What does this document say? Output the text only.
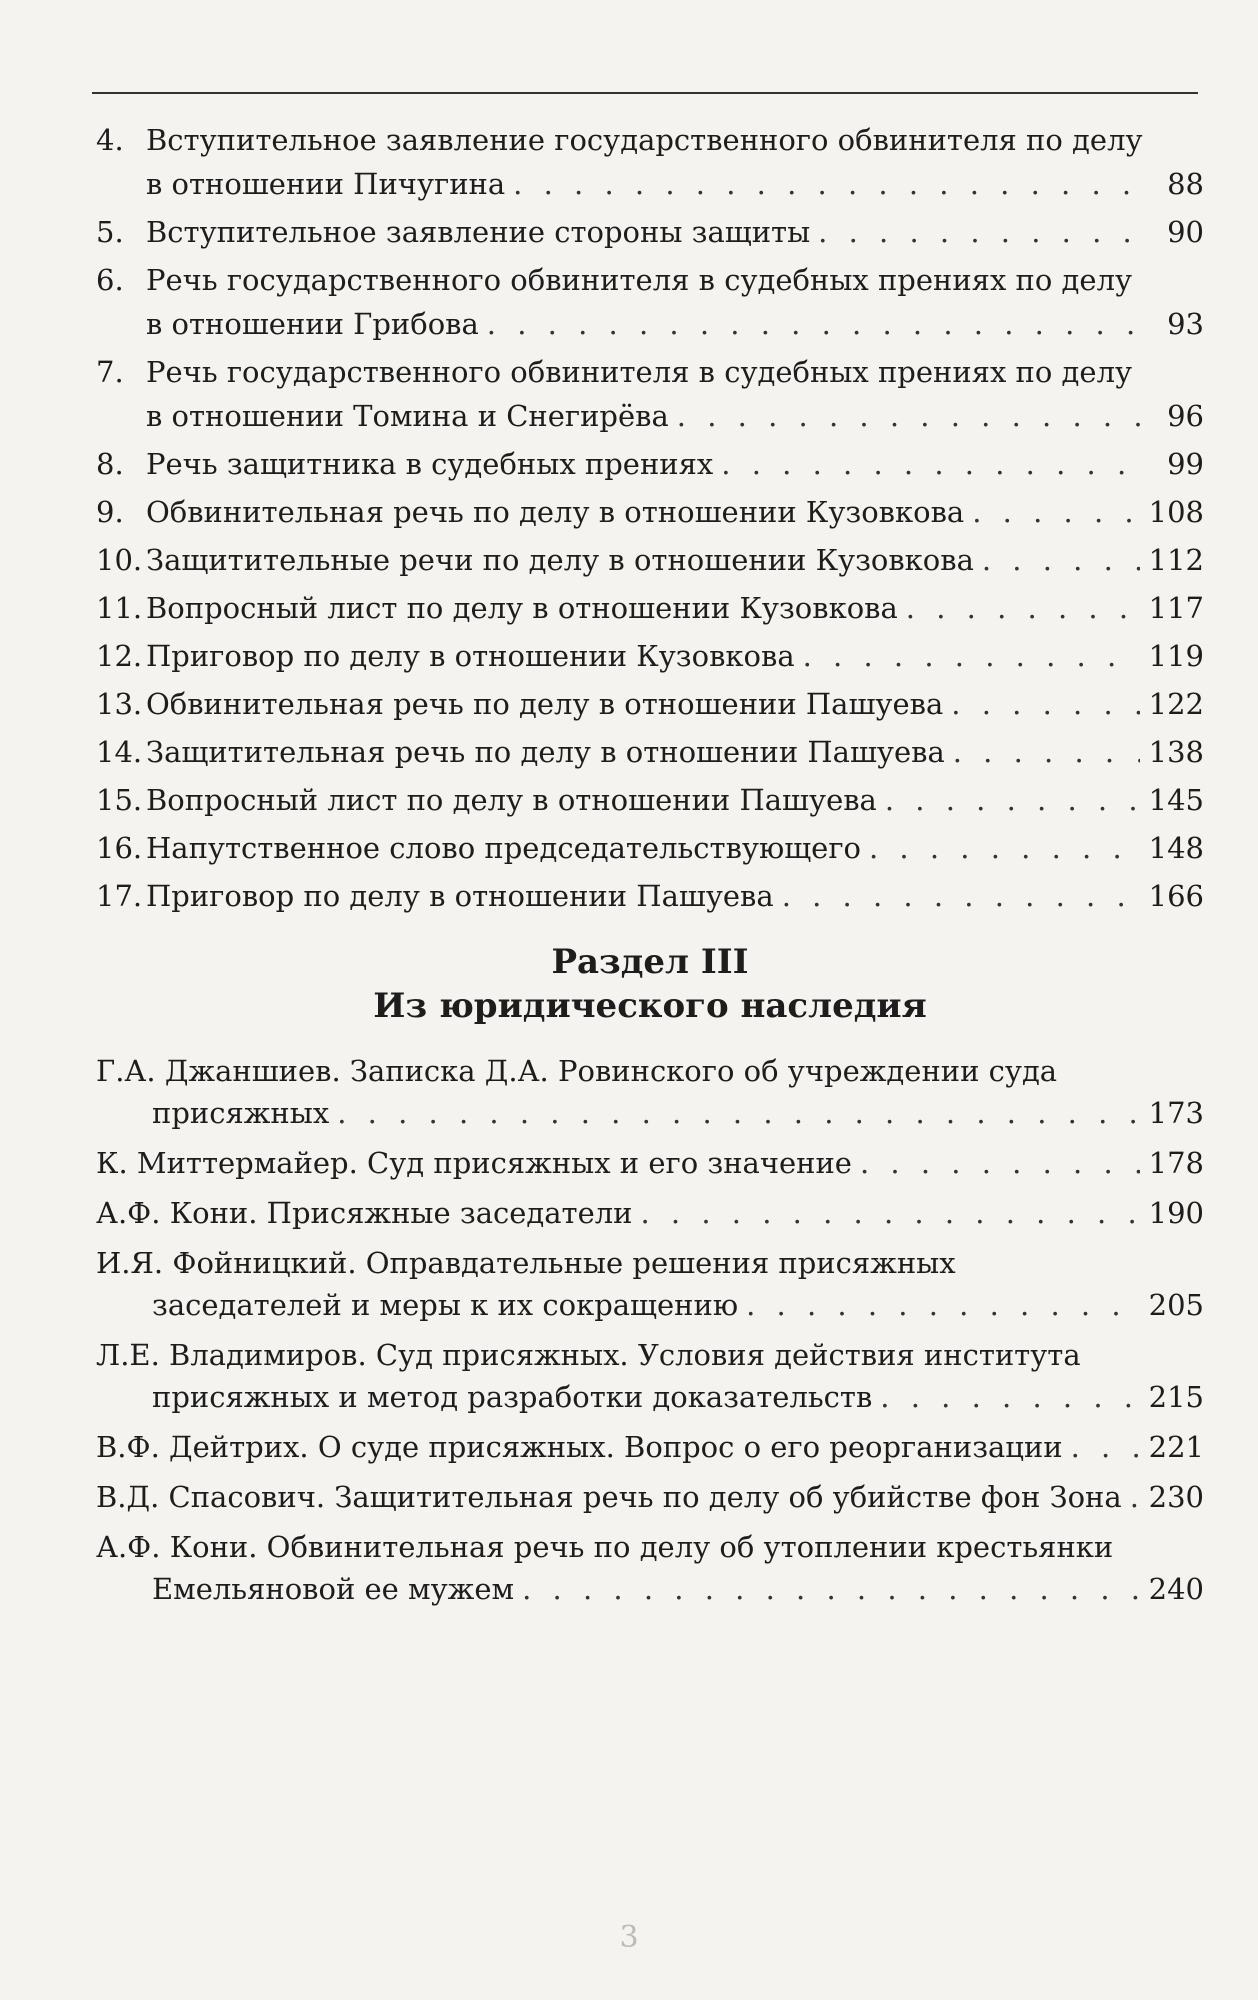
4. Вступительное заявление государственного обвинителя по делу
в отношении Пичугина . . .	88
5. Вступительное заявление стороны защиты . . .	90
6. Речь государственного обвинителя в судебных прениях по делу
в отношении Грибова . . .	93
7. Речь государственного обвинителя в судебных прениях по делу
в отношении Томина и Снегирёва . . .	96
8. Речь защитника в судебных прениях . . .	99
9. Обвинительная речь по делу в отношении Кузовкова . . .	108
10. Защитительные речи по делу в отношении Кузовкова . . .	112
11. Вопросный лист по делу в отношении Кузовкова . . .	117
12. Приговор по делу в отношении Кузовкова . . .	119
13. Обвинительная речь по делу в отношении Пашуева . . .	122
14. Защитительная речь по делу в отношении Пашуева . . .	138
15. Вопросный лист по делу в отношении Пашуева . . .	145
16. Напутственное слово председательствующего . . .	148
17. Приговор по делу в отношении Пашуева . . .	166
Раздел III
Из юридического наследия
Г.А. Джаншиев. Записка Д.А. Ровинского об учреждении суда
присяжных . . .	173
К. Миттермайер. Суд присяжных и его значение . . .	178
А.Ф. Кони. Присяжные заседатели . . .	190
И.Я. Фойницкий. Оправдательные решения присяжных
заседателей и меры к их сокращению . . .	205
Л.Е. Владимиров. Суд присяжных. Условия действия института
присяжных и метод разработки доказательств . . .	215
В.Ф. Дейтрих. О суде присяжных. Вопрос о его реорганизации . . .	221
В.Д. Спасович. Защитительная речь по делу об убийстве фон Зона . . . 230
А.Ф. Кони. Обвинительная речь по делу об утоплении крестьянки
Емельяновой ее мужем . . .	240
3
